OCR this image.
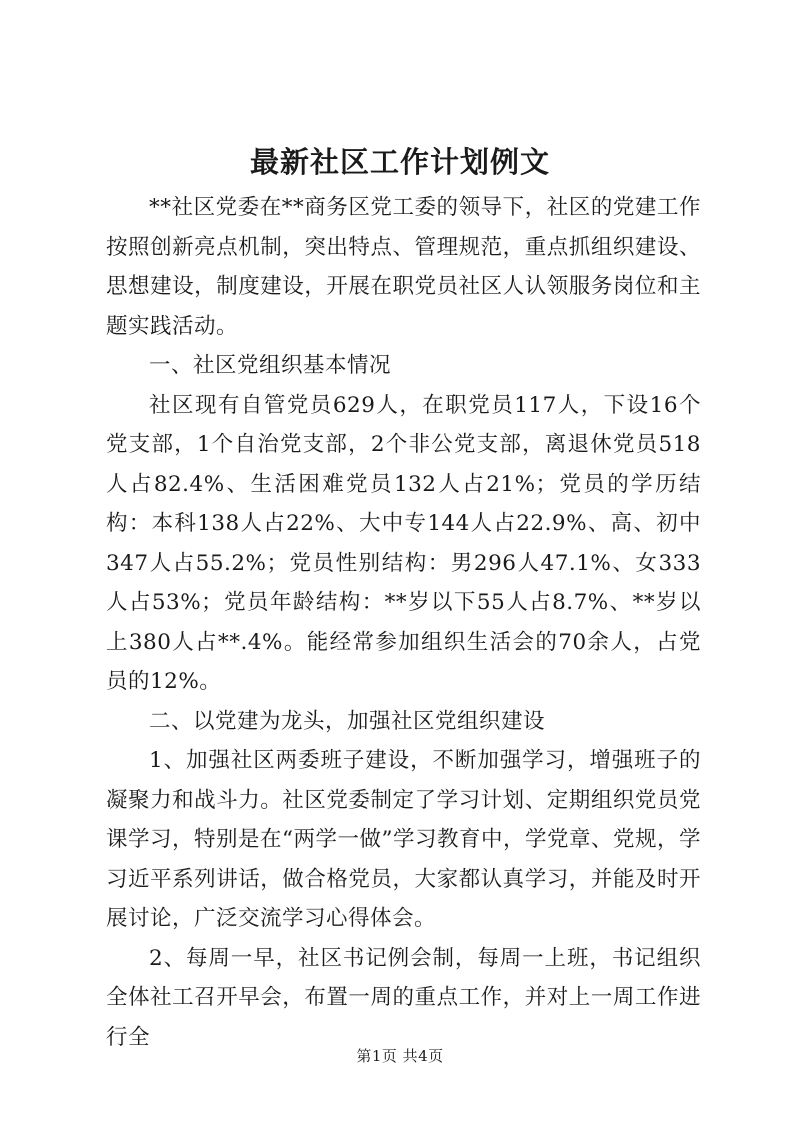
最新社区工作计划例文

**社区党委在**商务区党工委的领导下，社区的党建工作按照创新亮点机制，突出特点、管理规范，重点抓组织建设、思想建设，制度建设，开展在职党员社区人认领服务岗位和主题实践活动。

一、社区党组织基本情况

社区现有自管党员629人，在职党员117人，下设16个党支部，1个自治党支部，2个非公党支部，离退休党员518人占82.4%、生活困难党员132人占21%；党员的学历结构：本科138人占22%、大中专144人占22.9%、高、初中347人占55.2%；党员性别结构：男296人47.1%、女333人占53%；党员年龄结构：**岁以下55人占8.7%、**岁以上380人占**.4%。能经常参加组织生活会的70余人，占党员的12%。

二、以党建为龙头，加强社区党组织建设

1、加强社区两委班子建设，不断加强学习，增强班子的凝聚力和战斗力。社区党委制定了学习计划、定期组织党员党课学习，特别是在“两学一做”学习教育中，学党章、党规，学习近平系列讲话，做合格党员，大家都认真学习，并能及时开展讨论，广泛交流学习心得体会。

2、每周一早，社区书记例会制，每周一上班，书记组织全体社工召开早会，布置一周的重点工作，并对上一周工作进行全

第1页 共4页
